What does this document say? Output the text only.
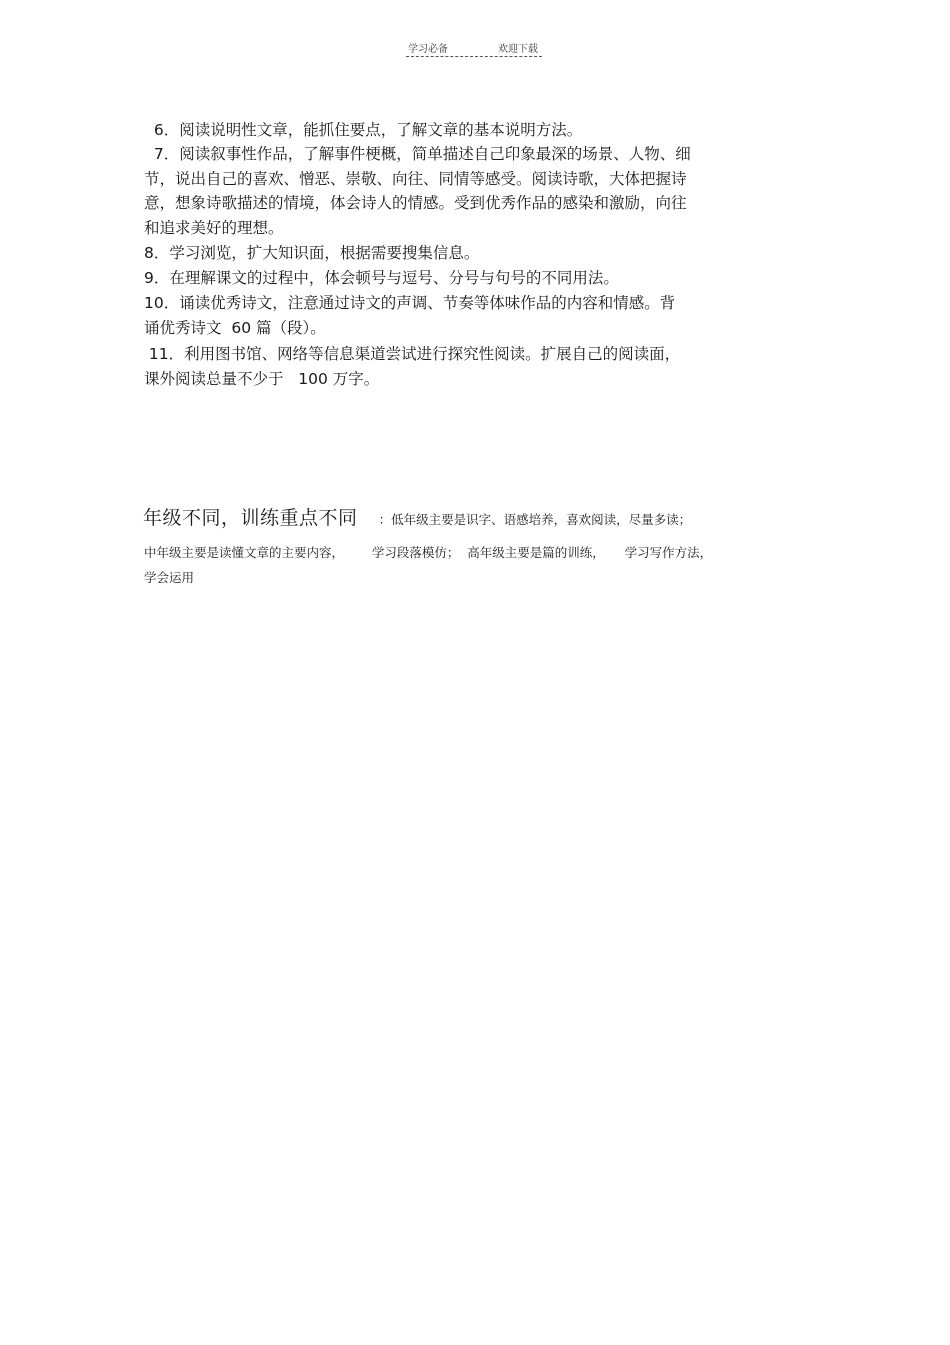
学习必备	欢迎下载

6．阅读说明性文章，能抓住要点，了解文章的基本说明方法。

7．阅读叙事性作品，了解事件梗概，简单描述自己印象最深的场景、人物、细
节，说出自己的喜欢、憎恶、崇敬、向往、同情等感受。阅读诗歌，大体把握诗
意，想象诗歌描述的情境，体会诗人的情感。受到优秀作品的感染和激励，向往
和追求美好的理想。

8．学习浏览，扩大知识面，根据需要搜集信息。

9．在理解课文的过程中，体会顿号与逗号、分号与句号的不同用法。

10．诵读优秀诗文，注意通过诗文的声调、节奏等体味作品的内容和情感。背
诵优秀诗文  60 篇（段）。

11．利用图书馆、网络等信息渠道尝试进行探究性阅读。扩展自己的阅读面，
课外阅读总量不少于   100 万字。

年级不同，训练重点不同 ：低年级主要是识字、语感培养，喜欢阅读，尽量多读；

中年级主要是读懂文章的主要内容，       学习段落模仿；  高年级主要是篇的训练，     学习写作方法，
学会运用
